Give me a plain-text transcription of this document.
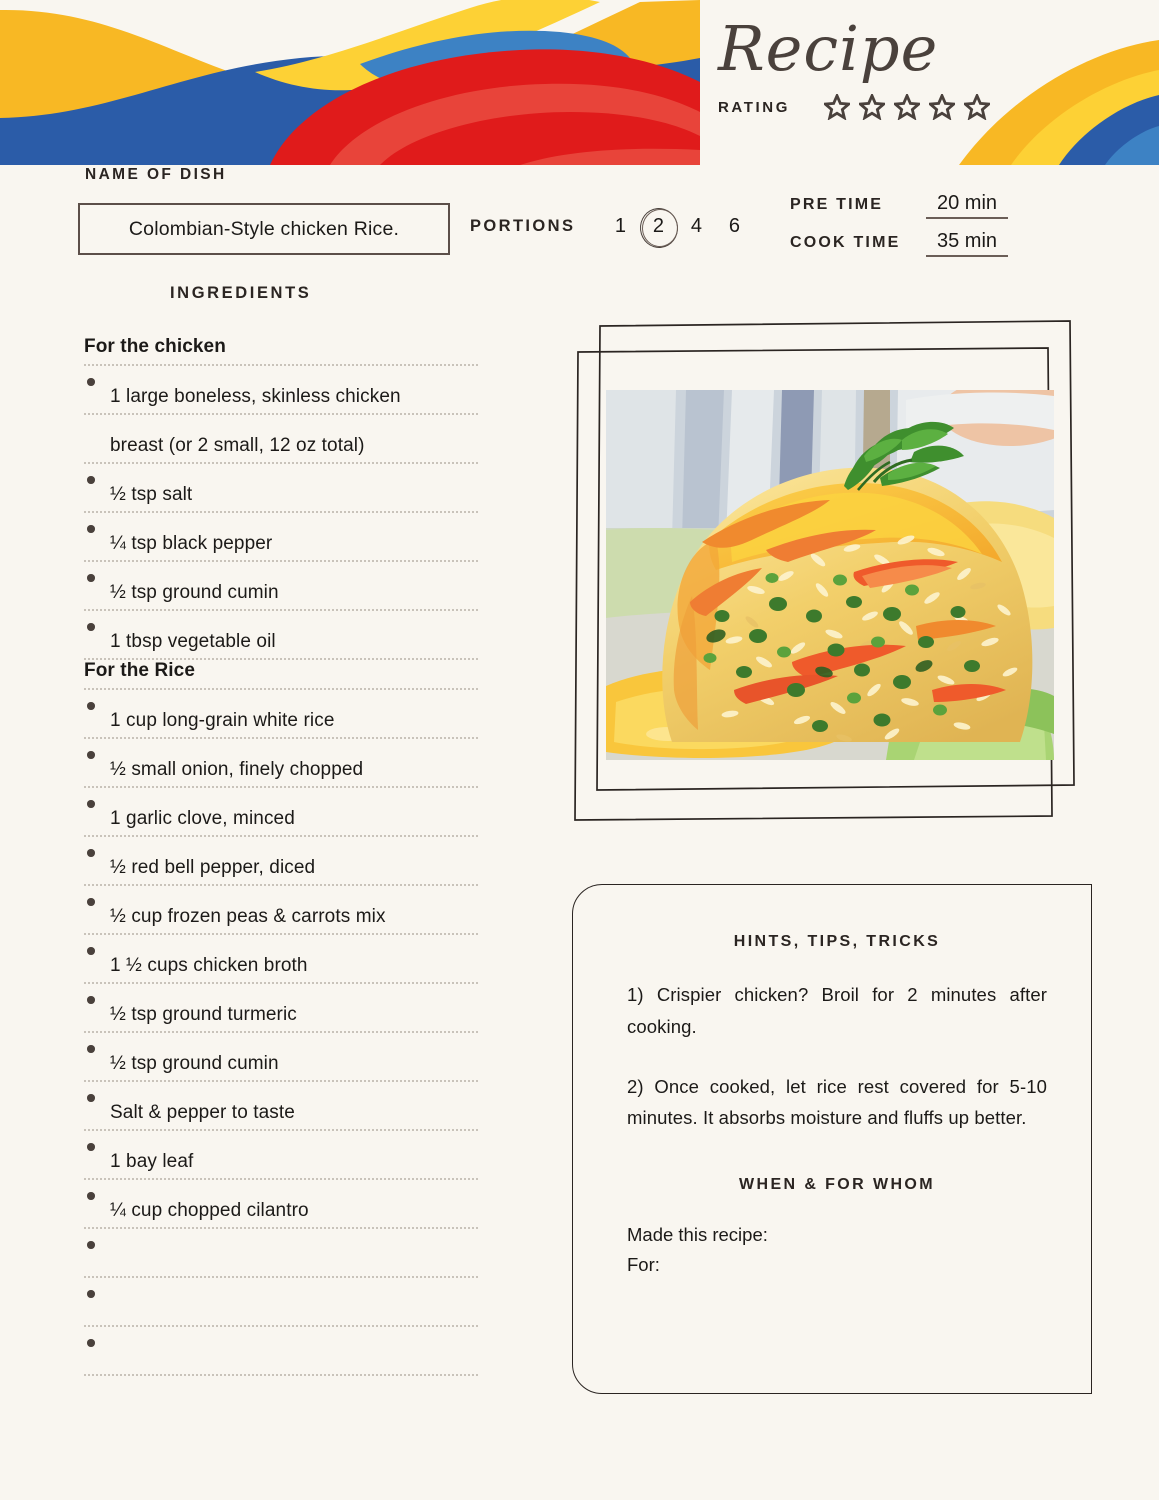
Recipe
RATING
NAME OF DISH
Colombian-Style chicken Rice.	PORTIONS	1	2	4	6
PRE TIME	20 min
COOK TIME	35 min
INGREDIENTS
For the chicken
1 large boneless, skinless chicken
breast (or 2 small, 12 oz total)
½ tsp salt
¼ tsp black pepper
½ tsp ground cumin
1 tbsp vegetable oil
For the Rice
1 cup long-grain white rice
½ small onion, finely chopped
1 garlic clove, minced
½ red bell pepper, diced
½ cup frozen peas & carrots mix
1 ½ cups chicken broth
½ tsp ground turmeric
½ tsp ground cumin
Salt & pepper to taste
1 bay leaf
¼ cup chopped cilantro
HINTS, TIPS, TRICKS
1) Crispier chicken? Broil for 2 minutes after cooking.
2) Once cooked, let rice rest covered for 5-10 minutes. It absorbs moisture and fluffs up better.
WHEN & FOR WHOM
Made this recipe:
For:
